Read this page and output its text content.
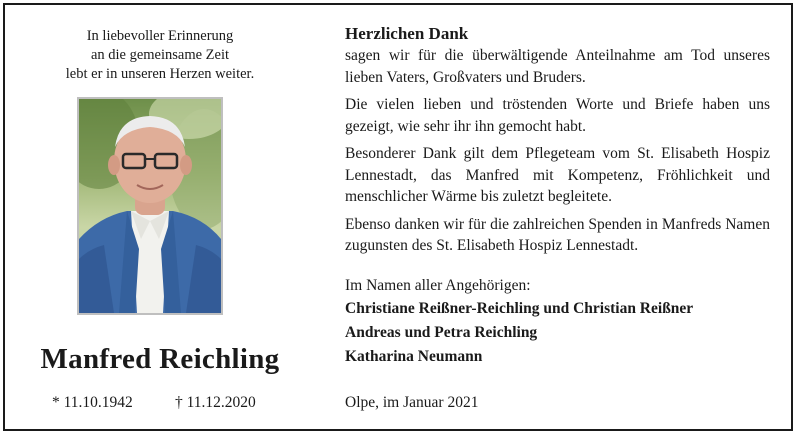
In liebevoller Erinnerung
an die gemeinsame Zeit
lebt er in unseren Herzen weiter.
Manfred Reichling
* 11.10.1942	† 11.12.2020
Herzlichen Dank

sagen wir für die überwältigende Anteilnahme am Tod unseres lieben Vaters, Großvaters und Bruders.

Die vielen lieben und tröstenden Worte und Briefe haben uns gezeigt, wie sehr ihr ihn gemocht habt.

Besonderer Dank gilt dem Pflegeteam vom St. Elisabeth Hospiz Lennestadt, das Manfred mit Kompetenz, Fröhlichkeit und menschlicher Wärme bis zuletzt begleitete.

Ebenso danken wir für die zahlreichen Spenden in Manfreds Namen zugunsten des St. Elisabeth Hospiz Lennestadt.

Im Namen aller Angehörigen:
Christiane Reißner-Reichling und Christian Reißner
Andreas und Petra Reichling
Katharina Neumann
Olpe, im Januar 2021
